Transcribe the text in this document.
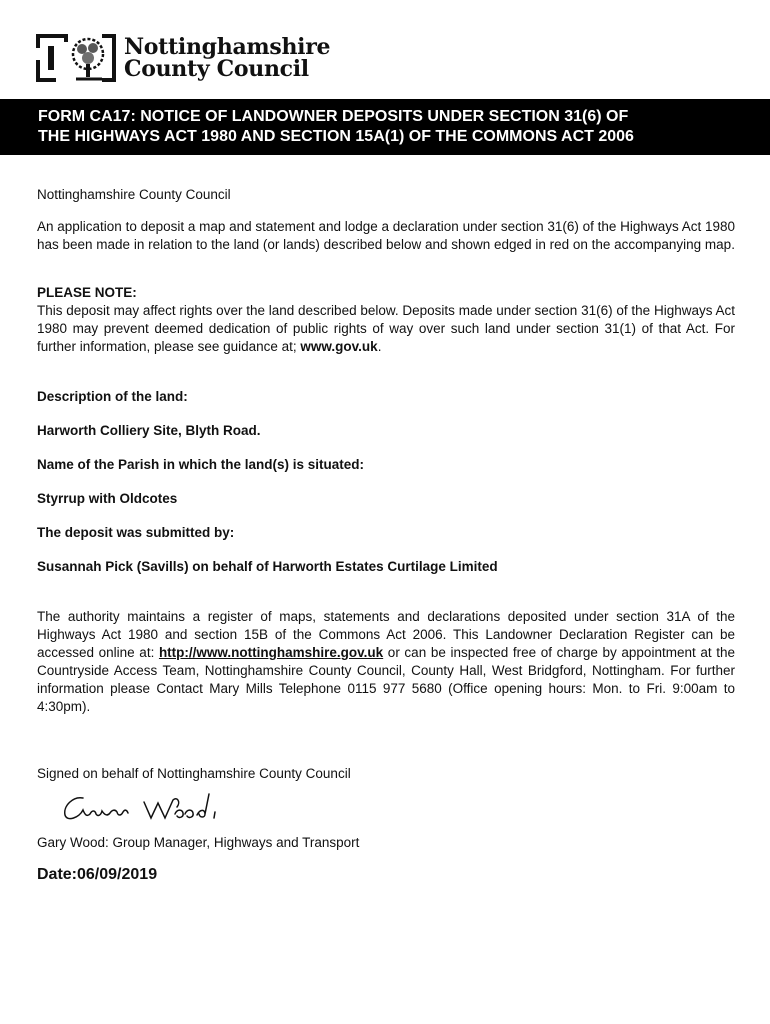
Nottinghamshire
County Council
FORM CA17: NOTICE OF LANDOWNER DEPOSITS UNDER SECTION 31(6) OF
THE HIGHWAYS ACT 1980 AND SECTION 15A(1) OF THE COMMONS ACT 2006

Nottinghamshire County Council

An application to deposit a map and statement and lodge a declaration under section 31(6) of the Highways Act 1980 has been made in relation to the land (or lands) described below and shown edged in red on the accompanying map.

PLEASE NOTE:

This deposit may affect rights over the land described below. Deposits made under section 31(6) of the Highways Act 1980 may prevent deemed dedication of public rights of way over such land under section 31(1) of that Act. For further information, please see guidance at; www.gov.uk.

Description of the land:

Harworth Colliery Site, Blyth Road.

Name of the Parish in which the land(s) is situated:

Styrrup with Oldcotes

The deposit was submitted by:

Susannah Pick (Savills) on behalf of Harworth Estates Curtilage Limited

The authority maintains a register of maps, statements and declarations deposited under section 31A of the Highways Act 1980 and section 15B of the Commons Act 2006. This Landowner Declaration Register can be accessed online at: http://www.nottinghamshire.gov.uk or can be inspected free of charge by appointment at the Countryside Access Team, Nottinghamshire County Council, County Hall, West Bridgford, Nottingham. For further information please Contact Mary Mills Telephone 0115 977 5680 (Office opening hours: Mon. to Fri. 9:00am to 4:30pm).

Signed on behalf of Nottinghamshire County Council

Gary Wood: Group Manager, Highways and Transport

Date:06/09/2019
